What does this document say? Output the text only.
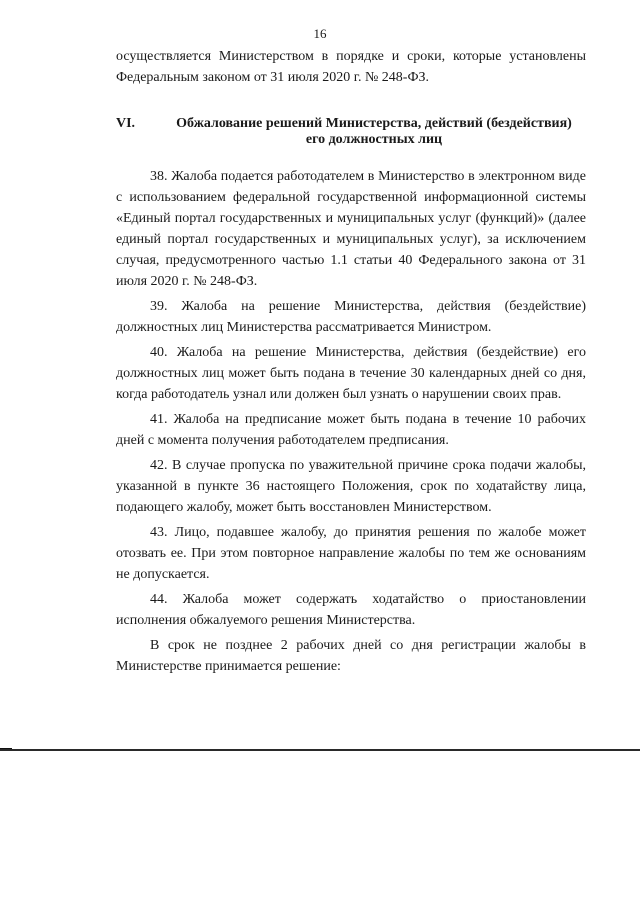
16

осуществляется Министерством в порядке и сроки, которые установлены Федеральным законом от 31 июля 2020 г. № 248-ФЗ.

VI.	Обжалование решений Министерства, действий (бездействия)
его должностных лиц

38. Жалоба подается работодателем в Министерство в электронном виде с использованием федеральной государственной информационной системы «Единый портал государственных и муниципальных услуг (функций)» (далее единый портал государственных и муниципальных услуг), за исключением случая, предусмотренного частью 1.1 статьи 40 Федерального закона от 31 июля 2020 г. № 248-ФЗ.

39. Жалоба на решение Министерства, действия (бездействие) должностных лиц Министерства рассматривается Министром.

40. Жалоба на решение Министерства, действия (бездействие) его должностных лиц может быть подана в течение 30 календарных дней со дня, когда работодатель узнал или должен был узнать о нарушении своих прав.

41. Жалоба на предписание может быть подана в течение 10 рабочих дней с момента получения работодателем предписания.

42. В случае пропуска по уважительной причине срока подачи жалобы, указанной в пункте 36 настоящего Положения, срок по ходатайству лица, подающего жалобу, может быть восстановлен Министерством.

43. Лицо, подавшее жалобу, до принятия решения по жалобе может отозвать ее. При этом повторное направление жалобы по тем же основаниям не допускается.

44. Жалоба может содержать ходатайство о приостановлении исполнения обжалуемого решения Министерства.

В срок не позднее 2 рабочих дней со дня регистрации жалобы в Министерстве принимается решение:
